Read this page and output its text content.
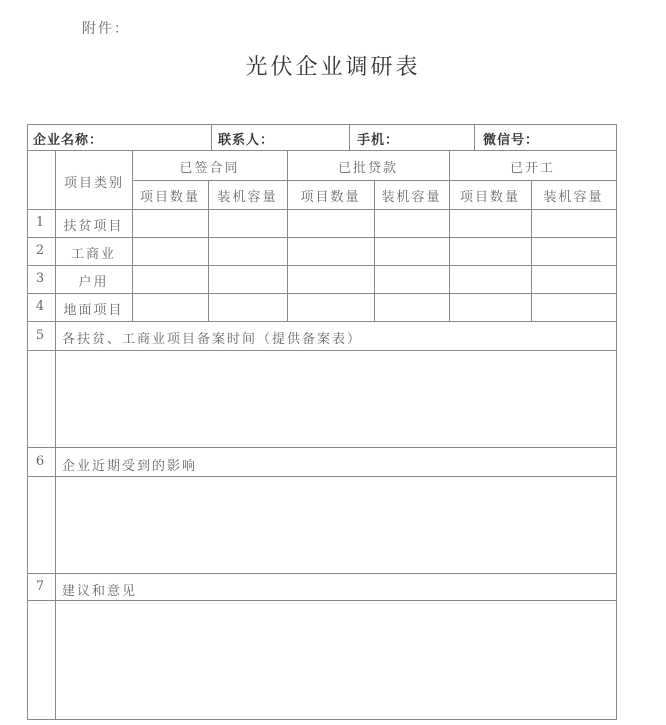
附件：
光伏企业调研表
企业名称：	联系人：	手机：	微信号：
项目类别
已签合同	已批贷款	已开工
项目数量	装机容量	项目数量	装机容量	项目数量	装机容量
1	扶贫项目
2	工商业
3	户用
4	地面项目
5	各扶贫、工商业项目备案时间（提供备案表）
6	企业近期受到的影响
7	建议和意见
